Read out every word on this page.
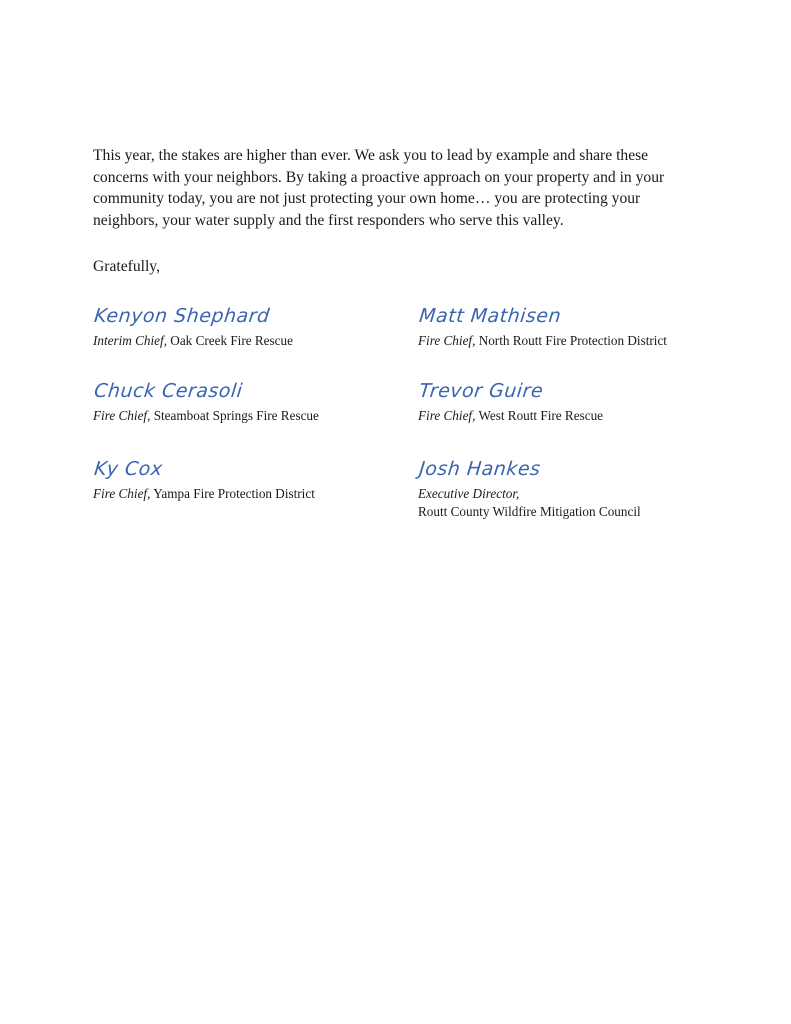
This year, the stakes are higher than ever. We ask you to lead by example and share these concerns with your neighbors. By taking a proactive approach on your property and in your community today, you are not just protecting your own home… you are protecting your neighbors, your water supply and the first responders who serve this valley.

Gratefully,

Kenyon Shephard
Interim Chief, Oak Creek Fire Rescue
Chuck Cerasoli
Fire Chief, Steamboat Springs Fire Rescue
Ky Cox
Fire Chief, Yampa Fire Protection District
Matt Mathisen
Fire Chief, North Routt Fire Protection District
Trevor Guire
Fire Chief, West Routt Fire Rescue
Josh Hankes
Executive Director,
Routt County Wildfire Mitigation Council
